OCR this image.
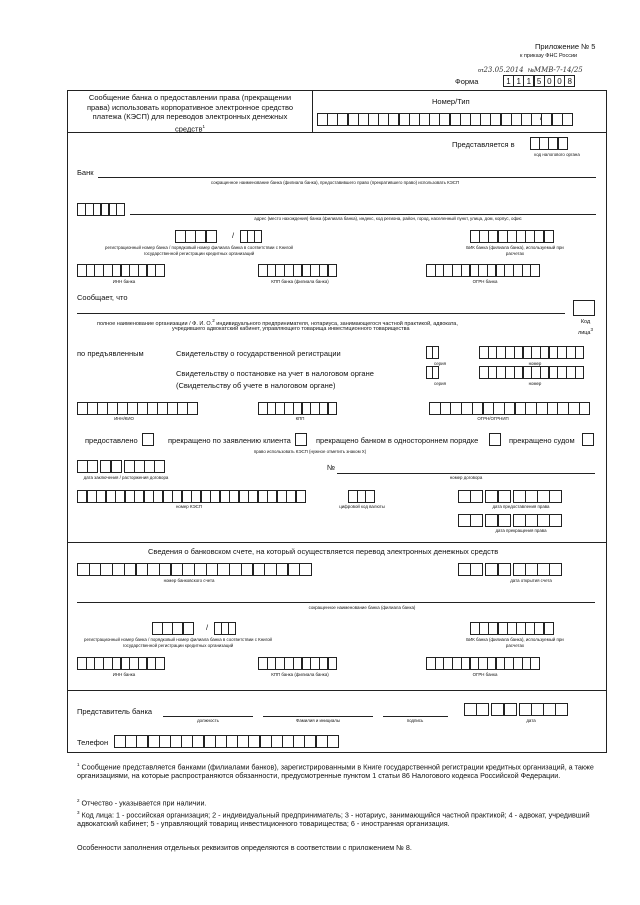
Приложение № 5
к приказу ФНС России
от23.05.2014 №ММВ-7-14/25
Форма	1 1 1 5 0 0 8
Сообщение банка о предоставлении права (прекращении
права) использовать корпоративное электронное средство
платежа (КЭСП) для переводов электронных денежных
средств$^1$
Номер/Тип
/
Представляется в
код налогового органа
Банк
сокращенное наименование банка (филиала банка), предоставившего право (прекратившего право) использовать КЭСП
адрес (место нахождения) банка (филиала банка), индекс, код региона, район, город, населенный пункт, улица, дом, корпус, офис
/
регистрационный номер банка / порядковый номер филиала банка в соответствии с Книгой государственной регистрации кредитных организаций
БИК банка (филиала банка), используемый при расчетах
ИНН банка	КПП банка (филиала банка)	ОГРН банка
Сообщает, что
полное наименование организации / Ф. И. О.$^2$ индивидуального предпринимателя, нотариуса, занимающегося частной практикой, адвоката,
учредившего адвокатский кабинет, управляющего товарища инвестиционного товарищества
Код
лица$^3$
по предъявленным	Свидетельству о государственной регистрации
серия	номер
Свидетельству о постановке на учет в налоговом органе
(Свидетельству об учете в налоговом органе)	серия	номер
ИНН/КИО	КПП	ОГРН/ОГРНИП
предоставлено	прекращено по заявлению клиента	прекращено банком в одностороннем порядке	прекращено судом
право использовать КЭСП (нужное отметить знаком Х)
дата заключения / расторжения договора
№
номер договора
номер КЭСП	цифровой код валюты	дата предоставления права
дата прекращения права
Сведения о банковском счете, на который осуществляется перевод электронных денежных средств
номер банковского счета	дата открытия счета
сокращенное наименование банка (филиала банка)
/
регистрационный номер банка / порядковый номер филиала банка в соответствии с Книгой государственной регистрации кредитных организаций
БИК банка (филиала банка), используемый при расчетах
ИНН банка	КПП банка (филиала банка)	ОГРН банка
Представитель банка
должность	Фамилия и инициалы	подпись	дата
Телефон
$^1$ Сообщение представляется банками (филиалами банков), зарегистрированными в Книге государственной регистрации кредитных организаций, а также организациями, на которые распространяются обязанности, предусмотренные пунктом 1 статьи 86 Налогового кодекса Российской Федерации.
$^2$ Отчество - указывается при наличии.
$^3$ Код лица: 1 - российская организация; 2 - индивидуальный предприниматель; 3 - нотариус, занимающийся частной практикой; 4 - адвокат, учредивший адвокатский кабинет; 5 - управляющий товарищ инвестиционного товарищества; 6 - иностранная организация.
Особенности заполнения отдельных реквизитов определяются в соответствии с приложением № 8.
